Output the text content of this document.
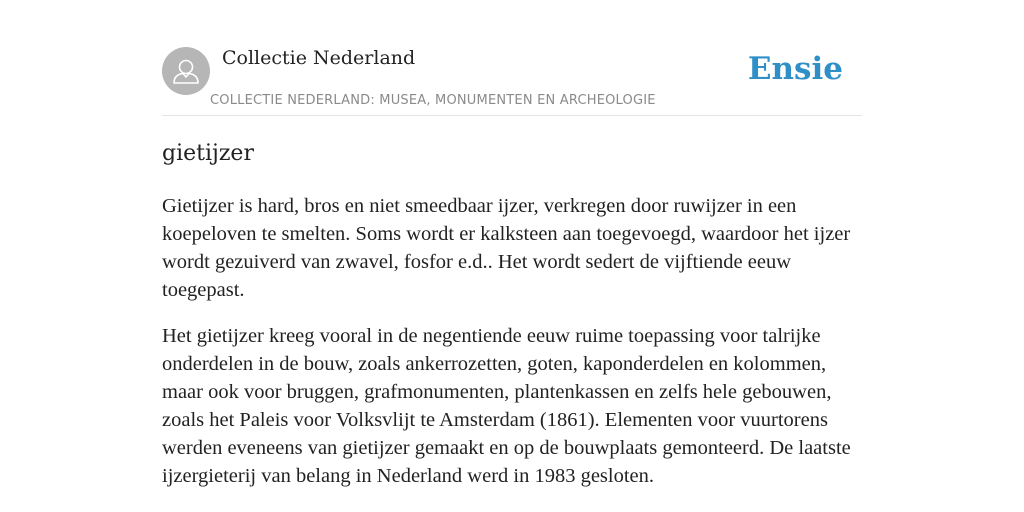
Collectie Nederland
COLLECTIE NEDERLAND: MUSEA, MONUMENTEN EN ARCHEOLOGIE
Ensie
gietijzer

Gietijzer is hard, bros en niet smeedbaar ijzer, verkregen door ruwijzer in een koepeloven te smelten. Soms wordt er kalksteen aan toegevoegd, waardoor het ijzer wordt gezuiverd van zwavel, fosfor e.d.. Het wordt sedert de vijftiende eeuw toegepast.

Het gietijzer kreeg vooral in de negentiende eeuw ruime toepassing voor talrijke onderdelen in de bouw, zoals ankerrozetten, goten, kaponderdelen en kolommen, maar ook voor bruggen, grafmonumenten, plantenkassen en zelfs hele gebouwen, zoals het Paleis voor Volksvlijt te Amsterdam (1861). Elementen voor vuurtorens werden eveneens van gietijzer gemaakt en op de bouwplaats gemonteerd. De laatste ijzergieterij van belang in Nederland werd in 1983 gesloten.
